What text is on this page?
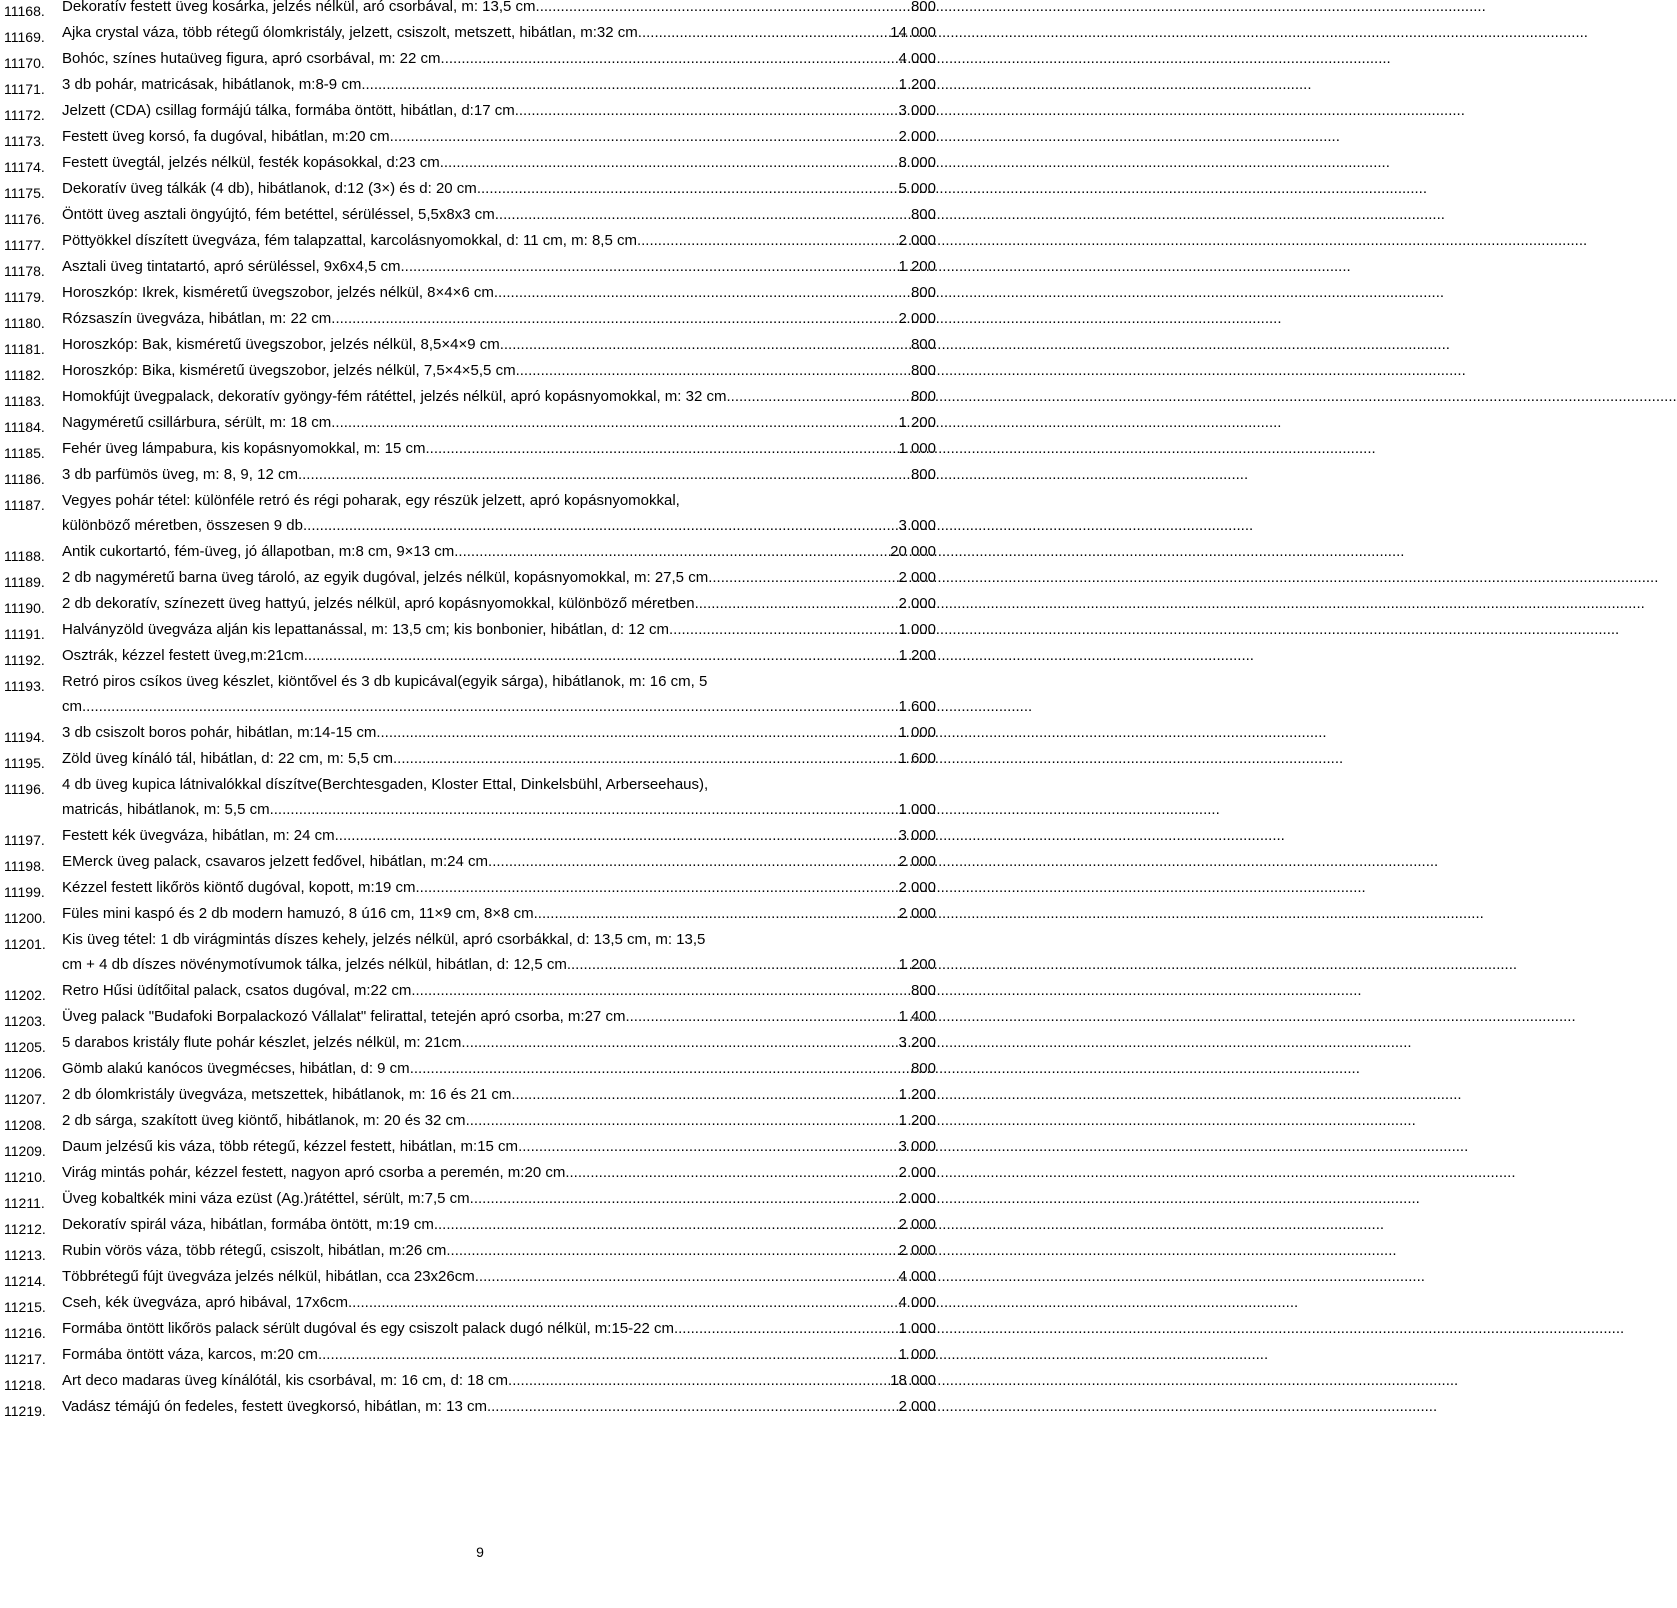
11168.	Dekoratív festett üveg kosárka, jelzés nélkül, aró csorbával, m: 13,5 cm .....	800
11169.	Ajka crystal váza, több rétegű ólomkristály, jelzett, csiszolt, metszett, hibátlan, m:32 cm .....	14 000
11170.	Bohóc, színes hutaüveg figura, apró csorbával, m: 22 cm .....	4 000
11171.	3 db pohár, matricásak, hibátlanok, m:8-9 cm .....	1 200
11172.	Jelzett (CDA) csillag formájú tálka, formába öntött, hibátlan, d:17 cm .....	3 000
11173.	Festett üveg korsó, fa dugóval, hibátlan, m:20 cm .....	2 000
11174.	Festett üvegtál, jelzés nélkül, festék kopásokkal, d:23 cm .....	8 000
11175.	Dekoratív üveg tálkák (4 db), hibátlanok, d:12 (3×) és d: 20 cm .....	5 000
11176.	Öntött üveg asztali öngyújtó, fém betéttel, sérüléssel, 5,5x8x3 cm .....	800
11177.	Pöttyökkel díszített üvegváza, fém talapzattal, karcolásnyomokkal, d: 11 cm, m: 8,5 cm .....	2 000
11178.	Asztali üveg tintatartó, apró sérüléssel, 9x6x4,5 cm .....	1 200
11179.	Horoszkóp: Ikrek, kisméretű üvegszobor, jelzés nélkül, 8×4×6 cm .....	800
11180.	Rózsaszín üvegváza, hibátlan, m: 22 cm .....	2 000
11181.	Horoszkóp: Bak, kisméretű üvegszobor, jelzés nélkül, 8,5×4×9 cm .....	800
11182.	Horoszkóp: Bika, kisméretű üvegszobor, jelzés nélkül, 7,5×4×5,5 cm .....	800
11183.	Homokfújt üvegpalack, dekoratív gyöngy-fém rátéttel, jelzés nélkül, apró kopásnyomokkal, m: 32 cm .....	800
11184.	Nagyméretű csillárbura, sérült, m: 18 cm .....	1 200
11185.	Fehér üveg lámpabura, kis kopásnyomokkal, m: 15 cm .....	1 000
11186.	3 db parfümös üveg, m: 8, 9, 12 cm .....	800
11187.	Vegyes pohár tétel: különféle retró és régi poharak, egy részük jelzett, apró kopásnyomokkal,
különböző méretben, összesen 9 db .....	3 000
11188.	Antik cukortartó, fém-üveg, jó állapotban, m:8 cm, 9×13 cm .....	20 000
11189.	2 db nagyméretű barna üveg tároló, az egyik dugóval, jelzés nélkül, kopásnyomokkal, m: 27,5 cm .....	2 000
11190.	2 db dekoratív, színezett üveg hattyú, jelzés nélkül, apró kopásnyomokkal, különböző méretben .....	2 000
11191.	Halványzöld üvegváza alján kis lepattanással, m: 13,5 cm; kis bonbonier, hibátlan, d: 12 cm .....	1 000
11192.	Osztrák, kézzel festett üveg,m:21cm .....	1 200
11193.	Retró piros csíkos üveg készlet, kiöntővel és 3 db kupicával(egyik sárga), hibátlanok, m: 16 cm, 5
cm .....	1 600
11194.	3 db csiszolt boros pohár, hibátlan, m:14-15 cm .....	1 000
11195.	Zöld üveg kínáló tál, hibátlan, d: 22 cm, m: 5,5 cm .....	1 600
11196.	4 db üveg kupica látnivalókkal díszítve(Berchtesgaden, Kloster Ettal, Dinkelsbühl, Arberseehaus),
matricás, hibátlanok, m: 5,5 cm .....	1 000
11197.	Festett kék üvegváza, hibátlan, m: 24 cm .....	3 000
11198.	EMerck üveg palack, csavaros jelzett fedővel, hibátlan, m:24 cm .....	2 000
11199.	Kézzel festett likőrös kiöntő dugóval, kopott, m:19 cm .....	2 000
11200.	Füles mini kaspó és 2 db modern hamuzó, 8 ú16 cm, 11×9 cm, 8×8 cm .....	2 000
11201.	Kis üveg tétel: 1 db virágmintás díszes kehely, jelzés nélkül, apró csorbákkal, d: 13,5 cm, m: 13,5
cm + 4 db díszes növénymotívumok tálka, jelzés nélkül, hibátlan, d: 12,5 cm .....	1 200
11202.	Retro Hűsi üdítőital palack, csatos dugóval, m:22 cm .....	800
11203.	Üveg palack "Budafoki Borpalackozó Vállalat" felirattal, tetején apró csorba, m:27 cm .....	1 400
11205.	5 darabos kristály flute pohár készlet, jelzés nélkül, m: 21cm .....	3 200
11206.	Gömb alakú kanócos üvegmécses, hibátlan, d: 9 cm .....	800
11207.	2 db ólomkristály üvegváza, metszettek, hibátlanok, m: 16 és 21 cm .....	1 200
11208.	2 db sárga, szakított üveg kiöntő, hibátlanok, m: 20 és 32 cm .....	1 200
11209.	Daum jelzésű kis váza, több rétegű, kézzel festett, hibátlan, m:15 cm .....	3 000
11210.	Virág mintás pohár, kézzel festett, nagyon apró csorba a peremén, m:20 cm .....	2 000
11211.	Üveg kobaltkék mini váza ezüst (Ag.)rátéttel, sérült, m:7,5 cm .....	2 000
11212.	Dekoratív spirál váza, hibátlan, formába öntött, m:19 cm .....	2 000
11213.	Rubin vörös váza, több rétegű, csiszolt, hibátlan, m:26 cm .....	2 000
11214.	Többrétegű fújt üvegváza jelzés nélkül, hibátlan, cca 23x26cm .....	4 000
11215.	Cseh, kék üvegváza, apró hibával, 17x6cm .....	4 000
11216.	Formába öntött likőrös palack sérült dugóval és egy csiszolt palack dugó nélkül, m:15-22 cm .....	1 000
11217.	Formába öntött váza, karcos, m:20 cm .....	1 000
11218.	Art deco madaras üveg kínálótál, kis csorbával, m: 16 cm, d: 18 cm .....	18 000
11219.	Vadász témájú ón fedeles, festett üvegkorsó, hibátlan, m: 13 cm .....	2 000
9
